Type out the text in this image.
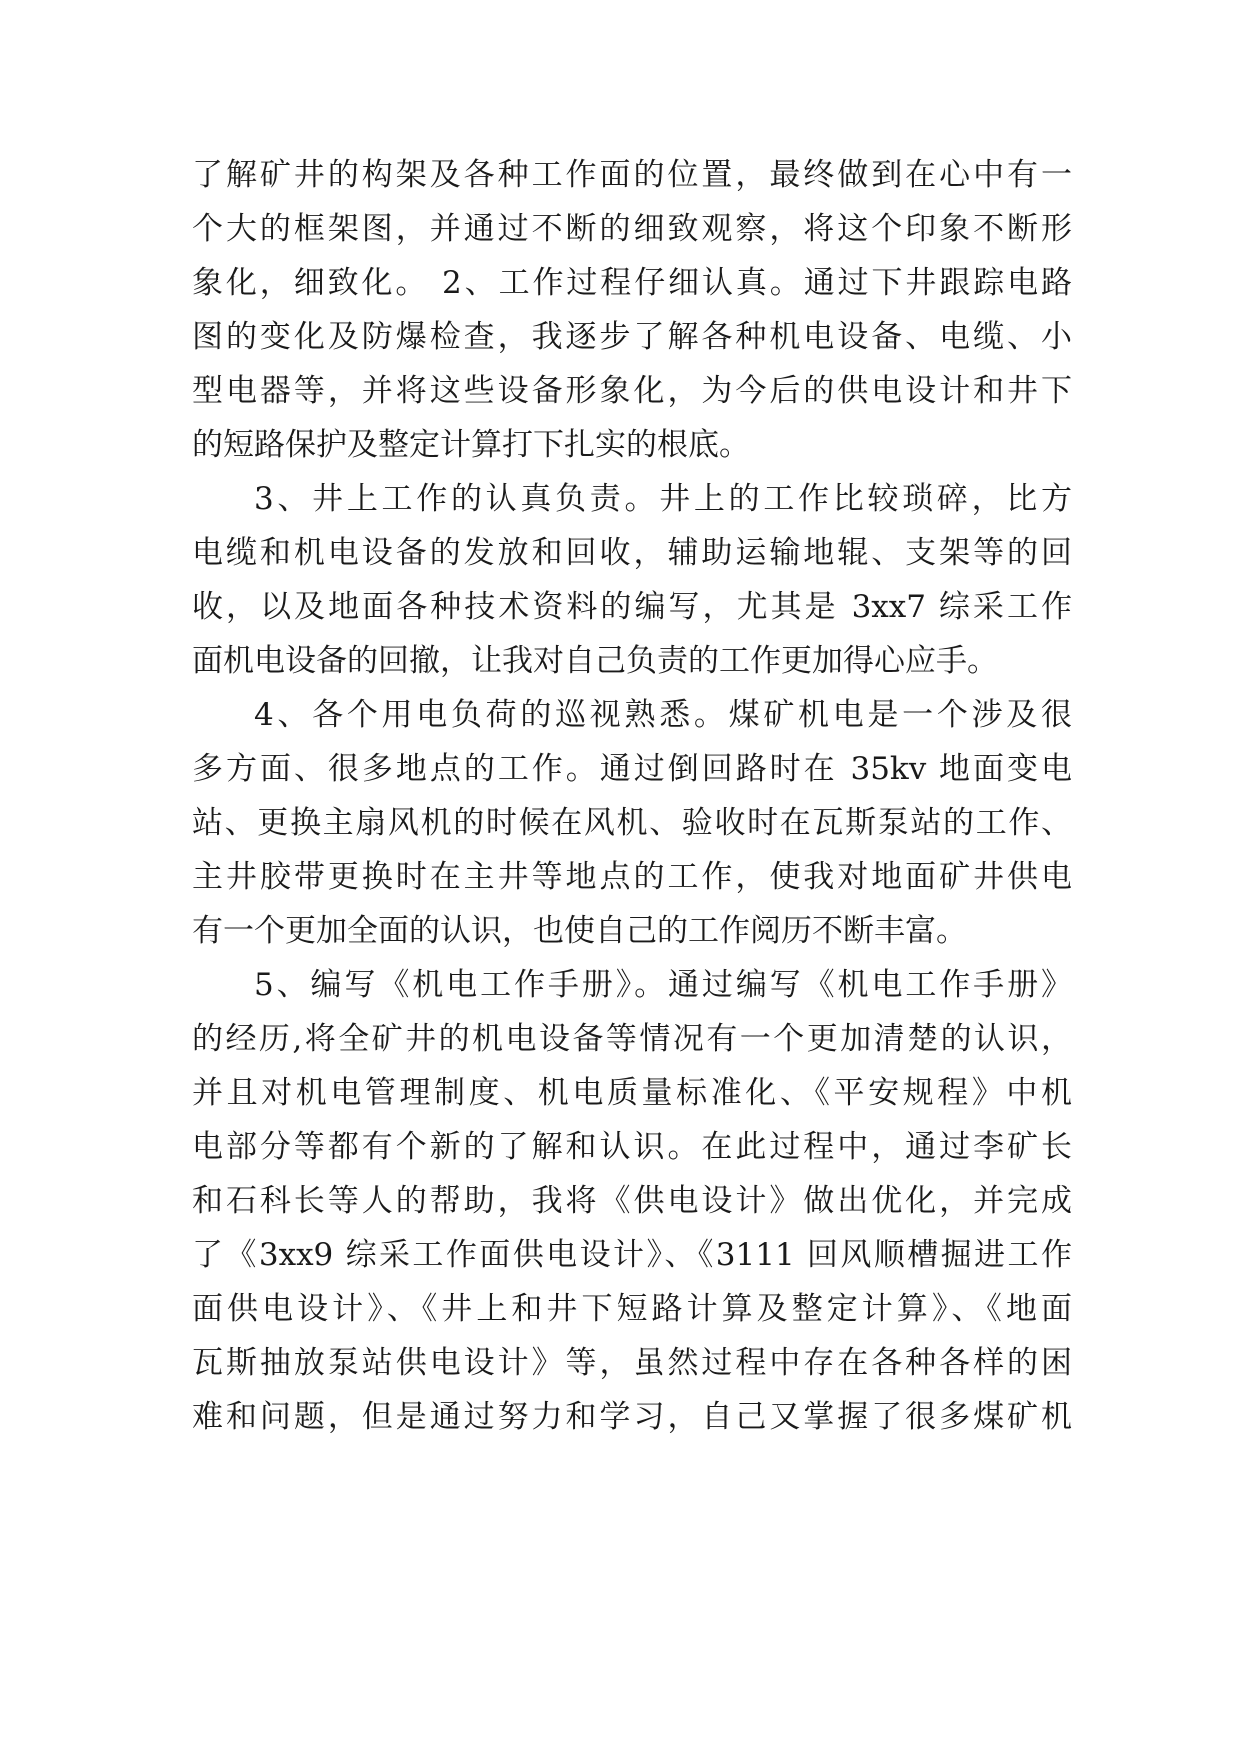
了解矿井的构架及各种工作面的位置，最终做到在心中有一
个大的框架图，并通过不断的细致观察，将这个印象不断形
象化，细致化。 2、工作过程仔细认真。通过下井跟踪电路
图的变化及防爆检查，我逐步了解各种机电设备、电缆、小
型电器等，并将这些设备形象化，为今后的供电设计和井下
的短路保护及整定计算打下扎实的根底。
3、井上工作的认真负责。井上的工作比较琐碎，比方
电缆和机电设备的发放和回收，辅助运输地辊、支架等的回
收，以及地面各种技术资料的编写，尤其是 3xx7 综采工作
面机电设备的回撤，让我对自己负责的工作更加得心应手。
4、各个用电负荷的巡视熟悉。煤矿机电是一个涉及很
多方面、很多地点的工作。通过倒回路时在 35kv 地面变电
站、更换主扇风机的时候在风机、验收时在瓦斯泵站的工作、
主井胶带更换时在主井等地点的工作，使我对地面矿井供电
有一个更加全面的认识，也使自己的工作阅历不断丰富。
5、编写《机电工作手册》。通过编写《机电工作手册》
的经历,将全矿井的机电设备等情况有一个更加清楚的认识，
并且对机电管理制度、机电质量标准化、《平安规程》中机
电部分等都有个新的了解和认识。在此过程中，通过李矿长
和石科长等人的帮助，我将《供电设计》做出优化，并完成
了《3xx9 综采工作面供电设计》、《3111 回风顺槽掘进工作
面供电设计》、《井上和井下短路计算及整定计算》、《地面
瓦斯抽放泵站供电设计》等，虽然过程中存在各种各样的困
难和问题，但是通过努力和学习，自己又掌握了很多煤矿机
